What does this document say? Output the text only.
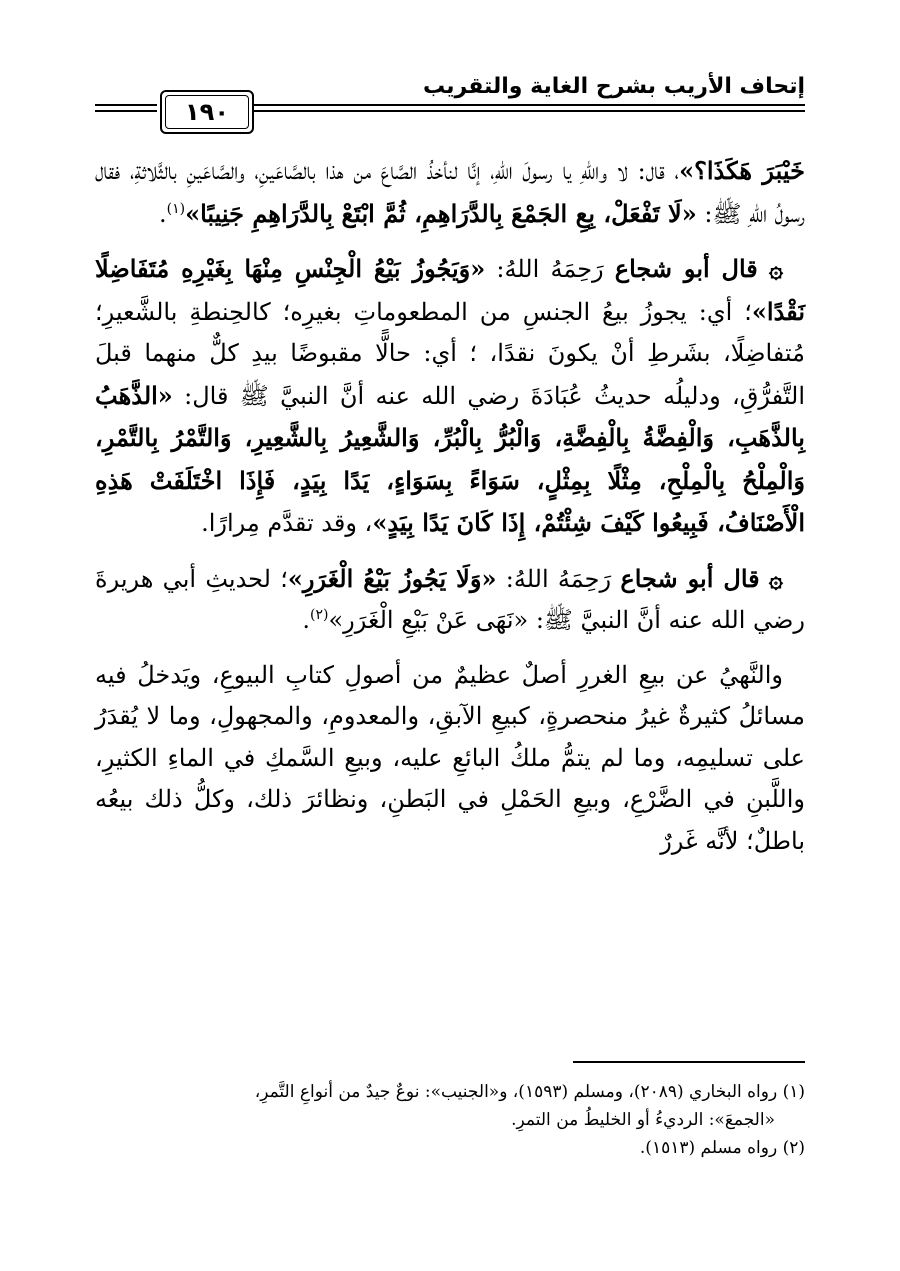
إتحاف الأريب بشرح الغاية والتقريب
١٩٠

خَيْبَرَ هَكَذَا؟»، قال: لا واللهِ يا رسولَ اللهِ، إنَّا لنأخذُ الصَّاعَ من هذا بالصَّاعَينِ، والصَّاعَينِ بالثَّلاثةِ، فقال رسولُ اللهِ ﷺ: «لَا تَفْعَلْ، بِعِ الجَمْعَ بِالدَّرَاهِمِ، ثُمَّ ابْتَعْ بِالدَّرَاهِمِ جَنِيبًا»$^{(١)}$.

۞ قال أبو شجاع رَحِمَهُ اللهُ: «وَيَجُوزُ بَيْعُ الْجِنْسِ مِنْهَا بِغَيْرِهِ مُتَفَاضِلًا نَقْدًا»؛ أي: يجوزُ بيعُ الجنسِ من المطعوماتِ بغيرِه؛ كالحِنطةِ بالشَّعيرِ؛ مُتفاضِلًا، بشَرطِ أنْ يكونَ نقدًا، ؛ أي: حالًّا مقبوضًا بيدِ كلٌّ منهما قبلَ التَّفرُّقِ، ودليلُه حديثُ عُبَادَةَ رضي الله عنه أنَّ النبيَّ ﷺ قال: «الذَّهَبُ بِالذَّهَبِ، وَالْفِضَّةُ بِالْفِضَّةِ، وَالْبُرُّ بِالْبُرِّ، وَالشَّعِيرُ بِالشَّعِيرِ، وَالتَّمْرُ بِالتَّمْرِ، وَالْمِلْحُ بِالْمِلْحِ، مِثْلًا بِمِثْلٍ، سَوَاءً بِسَوَاءٍ، يَدًا بِيَدٍ، فَإِذَا اخْتَلَفَتْ هَذِهِ الْأَصْنَافُ، فَبِيعُوا كَيْفَ شِئْتُمْ، إِذَا كَانَ يَدًا بِيَدٍ»، وقد تقدَّم مِرارًا.

۞ قال أبو شجاع رَحِمَهُ اللهُ: «وَلَا يَجُوزُ بَيْعُ الْغَرَرِ»؛ لحديثِ أبي هريرةَ رضي الله عنه أنَّ النبيَّ ﷺ: «نَهَى عَنْ بَيْعِ الْغَرَرِ»$^{(٢)}$.

والنَّهيُ عن بيعِ الغررِ أصلٌ عظيمٌ من أصولِ كتابِ البيوعِ، ويَدخلُ فيه مسائلُ كثيرةٌ غيرُ منحصرةٍ، كبيعِ الآبقِ، والمعدومِ، والمجهولِ، وما لا يُقدَرُ على تسليمِه، وما لم يتمُّ ملكُ البائعِ عليه، وبيعِ السَّمكِ في الماءِ الكثيرِ، واللَّبنِ في الضَّرْعِ، وبيعِ الحَمْلِ في البَطنِ، ونظائرَ ذلك، وكلُّ ذلك بيعُه باطلٌ؛ لأنَّه غَررٌ

(١) رواه البخاري (٢٠٨٩)، ومسلم (١٥٩٣)، و«الجنيب»: نوعٌ جيدٌ من أنواعِ التَّمرِ،

«الجمعَ»: الرديءُ أو الخليطُ من التمرِ.

(٢) رواه مسلم (١٥١٣).
